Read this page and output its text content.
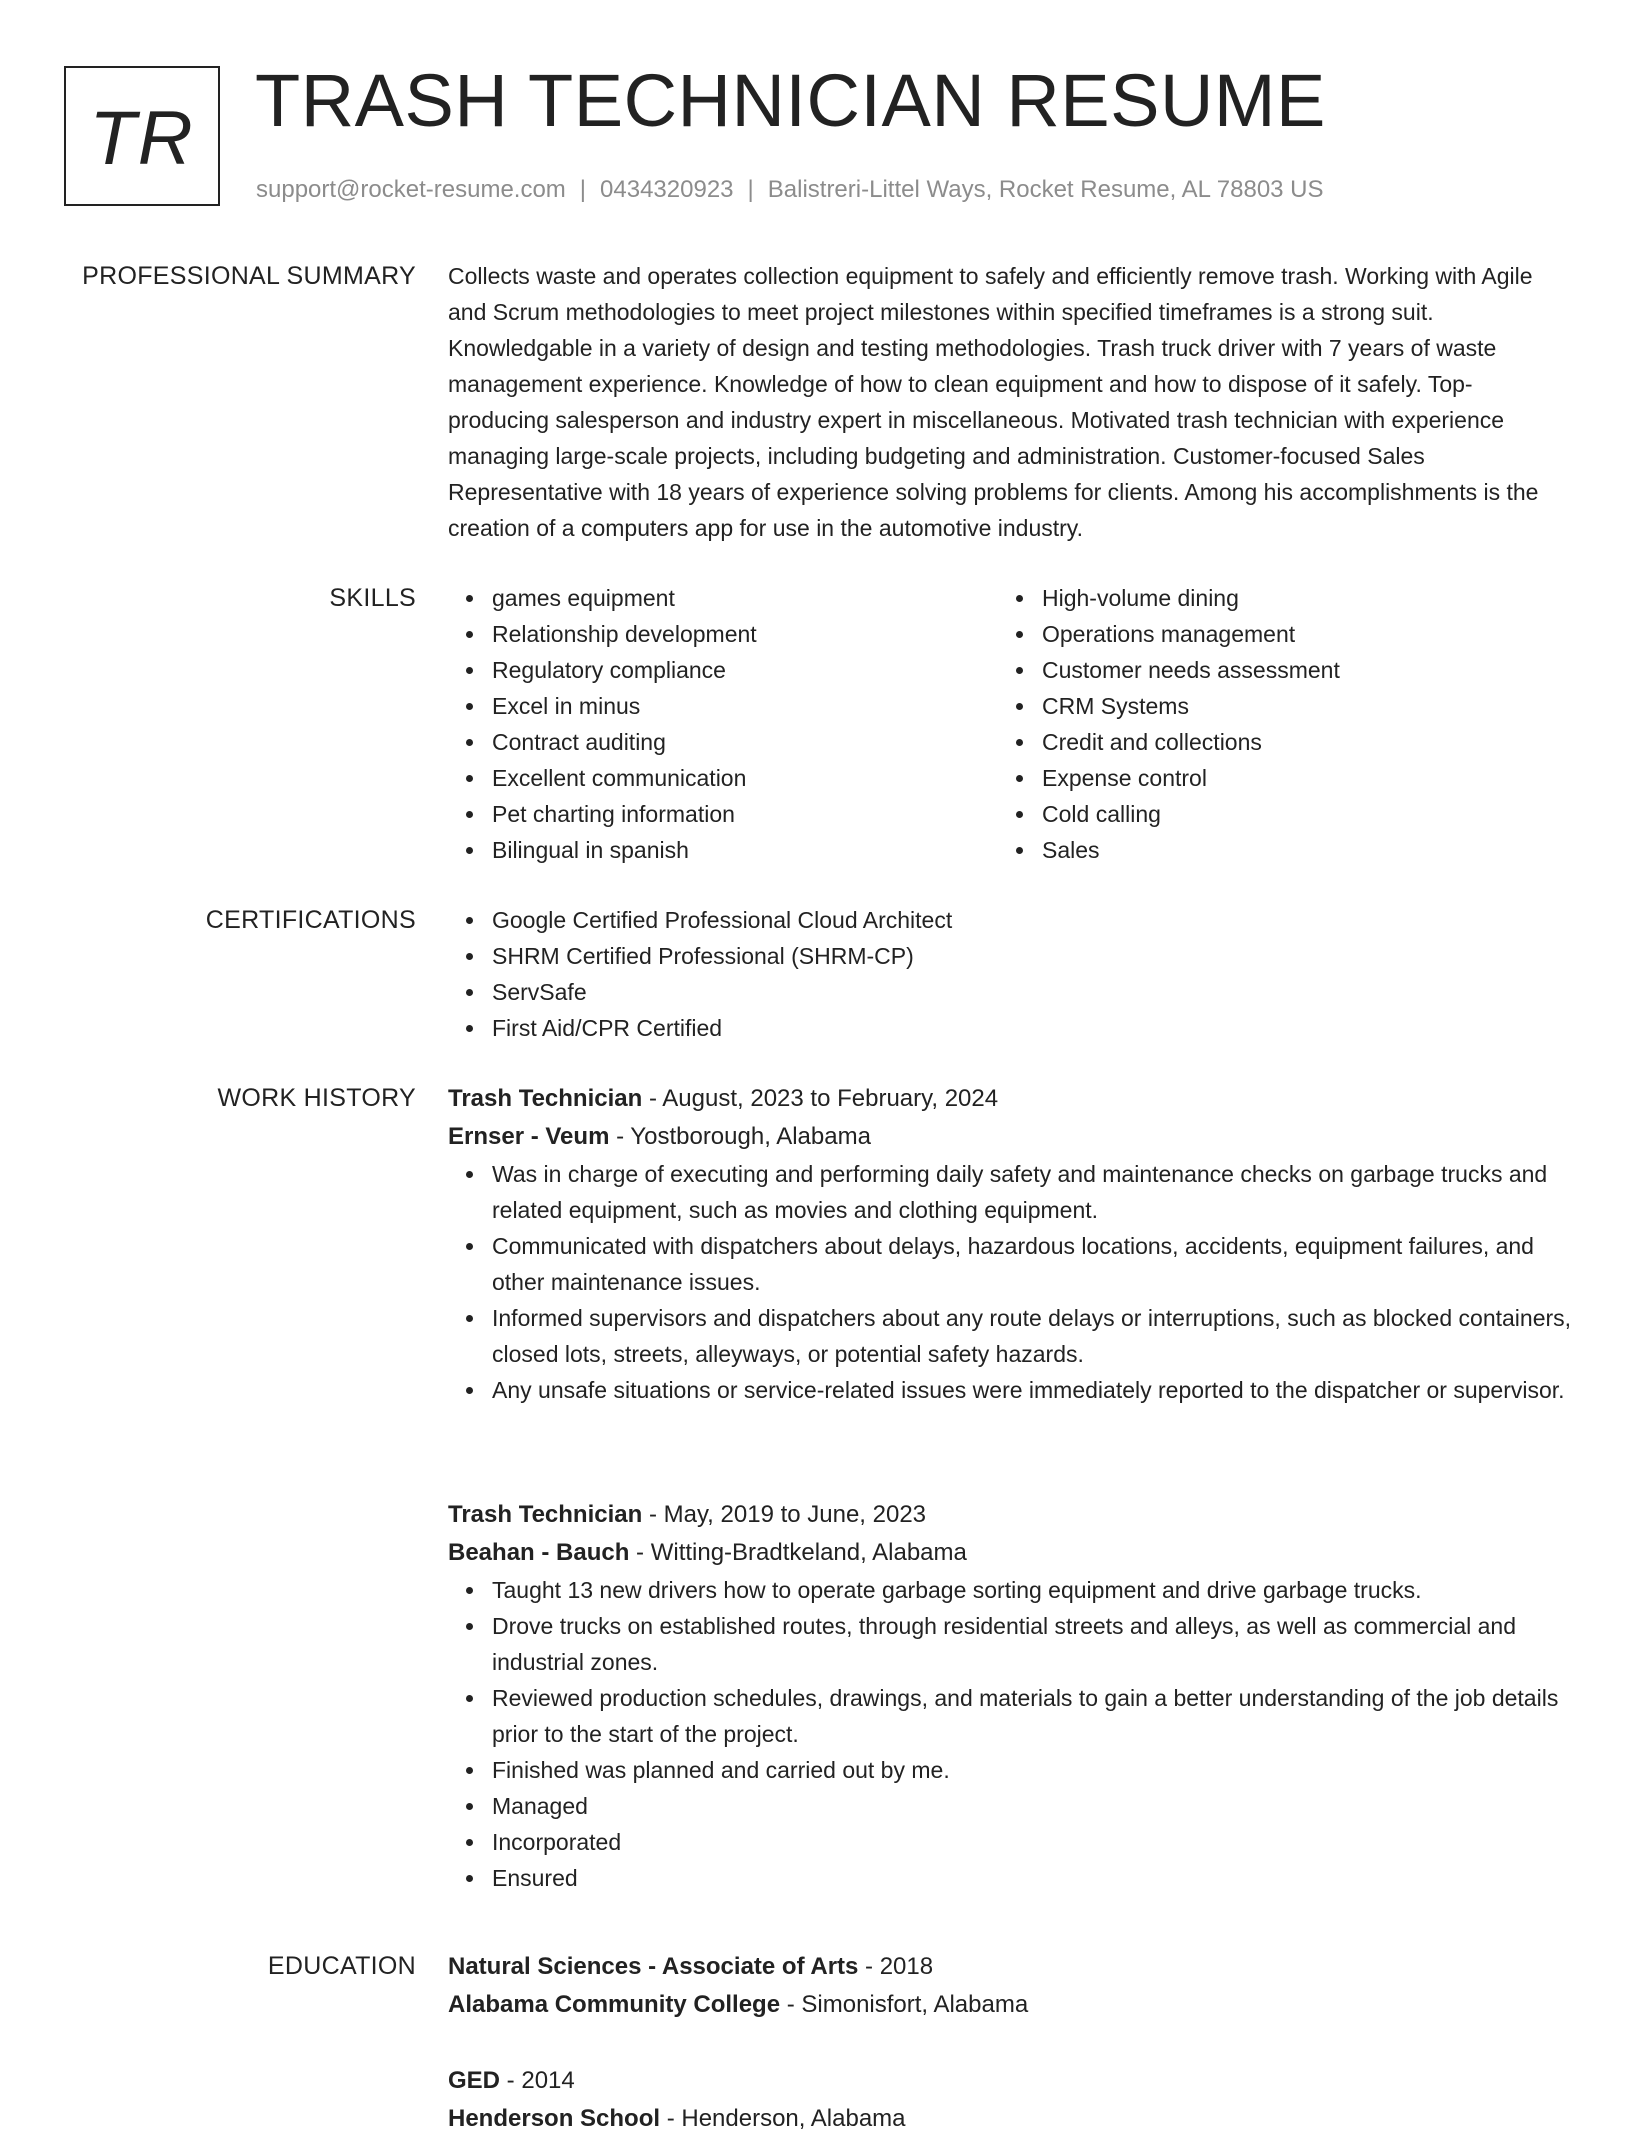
TR TRASH TECHNICIAN RESUME
support@rocket-resume.com | 0434320923 | Balistreri-Littel Ways, Rocket Resume, AL 78803 US
PROFESSIONAL SUMMARY Collects waste and operates collection equipment to safely and efficiently remove trash. Working with Agile and Scrum methodologies to meet project milestones within specified timeframes is a strong suit. Knowledgable in a variety of design and testing methodologies. Trash truck driver with 7 years of waste management experience. Knowledge of how to clean equipment and how to dispose of it safely. Top-producing salesperson and industry expert in miscellaneous. Motivated trash technician with experience managing large-scale projects, including budgeting and administration. Customer-focused Sales Representative with 18 years of experience solving problems for clients. Among his accomplishments is the creation of a computers app for use in the automotive industry.

SKILLS	games equipment
Relationship development
Regulatory compliance
Excel in minus
Contract auditing
Excellent communication
Pet charting information
Bilingual in spanish
High-volume dining
Operations management
Customer needs assessment
CRM Systems
Credit and collections
Expense control
Cold calling
Sales
CERTIFICATIONS	Google Certified Professional Cloud Architect
SHRM Certified Professional (SHRM-CP)
ServSafe
First Aid/CPR Certified
WORK HISTORY Trash Technician - August, 2023 to February, 2024
Ernser - Veum - Yostborough, Alabama
Was in charge of executing and performing daily safety and maintenance checks on garbage trucks and related equipment, such as movies and clothing equipment.
Communicated with dispatchers about delays, hazardous locations, accidents, equipment failures, and other maintenance issues.
Informed supervisors and dispatchers about any route delays or interruptions, such as blocked containers, closed lots, streets, alleyways, or potential safety hazards.
Any unsafe situations or service-related issues were immediately reported to the dispatcher or supervisor.
Trash Technician - May, 2019 to June, 2023
Beahan - Bauch - Witting-Bradtkeland, Alabama
Taught 13 new drivers how to operate garbage sorting equipment and drive garbage trucks.
Drove trucks on established routes, through residential streets and alleys, as well as commercial and industrial zones.
Reviewed production schedules, drawings, and materials to gain a better understanding of the job details prior to the start of the project.
Finished was planned and carried out by me.
Managed
Incorporated
Ensured
EDUCATION Natural Sciences - Associate of Arts - 2018
Alabama Community College - Simonisfort, Alabama
GED - 2014
Henderson School - Henderson, Alabama
